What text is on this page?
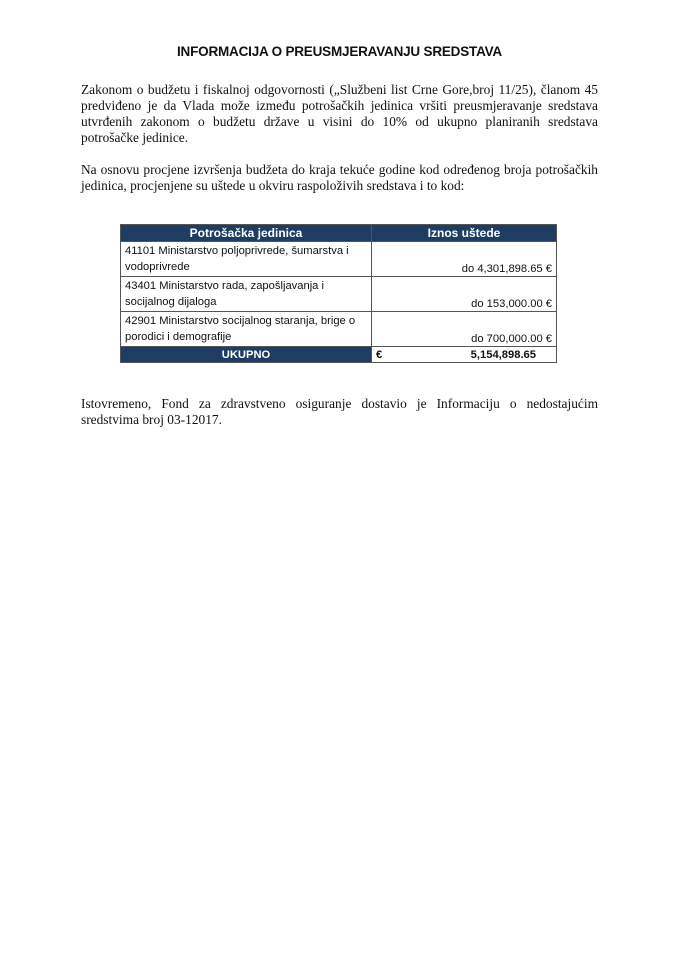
INFORMACIJA O PREUSMJERAVANJU SREDSTAVA
Zakonom o budžetu i fiskalnoj odgovornosti („Službeni list Crne Gore,broj 11/25), članom 45 predviđeno je da Vlada može između potrošačkih jedinica vršiti preusmjeravanje sredstava utvrđenih zakonom o budžetu države u visini do 10% od ukupno planiranih sredstava potrošačke jedinice.
Na osnovu procjene izvršenja budžeta do kraja tekuće godine kod određenog broja potrošačkih jedinica, procjenjene su uštede u okviru raspoloživih sredstava i to kod:
Potrošačka jedinica	Iznos uštede
41101 Ministarstvo poljoprivrede, šumarstva i vodoprivrede	do 4,301,898.65 €
43401 Ministarstvo rada, zapošljavanja i socijalnog dijaloga	do 153,000.00 €
42901 Ministarstvo socijalnog staranja, brige o porodici i demografije	do 700,000.00 €
UKUPNO	€ 5,154,898.65
Istovremeno, Fond za zdravstveno osiguranje dostavio je Informaciju o nedostajućim sredstvima broj 03-12017.
